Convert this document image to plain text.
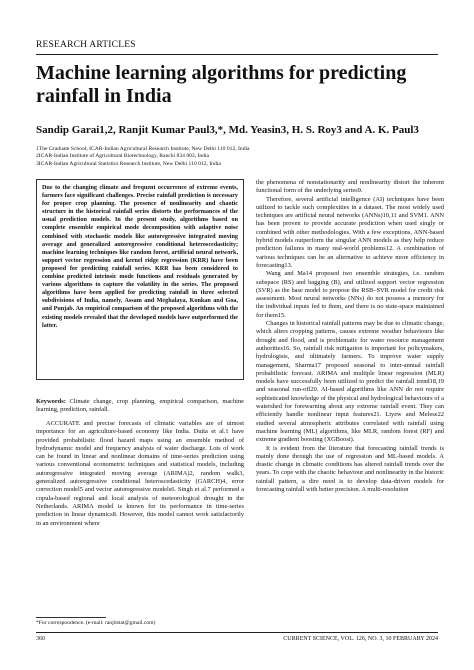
RESEARCH ARTICLES
Machine learning algorithms for predicting rainfall in India
Sandip Garai1,2, Ranjit Kumar Paul3,*, Md. Yeasin3, H. S. Roy3 and A. K. Paul3
1The Graduate School, ICAR-Indian Agricultural Research Institute, New Delhi 110 012, India
2ICAR-Indian Institute of Agricultural Biotechnology, Ranchi 834 003, India
3ICAR-Indian Agricultural Statistics Research Institute, New Delhi 110 012, India

Due to the changing climate and frequent occurrence of extreme events, farmers face significant challenges. Precise rainfall prediction is necessary for proper crop planning. The presence of nonlinearity and chaotic structure in the historical rainfall series distorts the performances of the usual prediction models. In the present study, algorithms based on complete ensemble empirical mode decomposition with adaptive noise combined with stochastic models like autoregressive integrated moving average and generalized autoregressive conditional heteroscedasticity; machine learning techniques like random forest, artificial neural network, support vector regression and kernel ridge regression (KRR) have been proposed for predicting rainfall series. KRR has been considered to combine predicted intrinsic mode functions and residuals generated by various algorithms to capture the volatility in the series. The proposed algorithms have been applied for predicting rainfall in three selected subdivisions of India, namely, Assam and Meghalaya, Konkan and Goa, and Punjab. An empirical comparison of the proposed algorithms with the existing models revealed that the developed models have outperformed the latter.

Keywords: Climate change, crop planning, empirical comparison, machine learning, prediction, rainfall.

ACCURATE and precise forecasts of climatic variables are of utmost importance for an agriculture-based economy like India. Dutta et al.1 have provided probabilistic flood hazard maps using an ensemble method of hydrodynamic model and frequency analysis of water discharge. Lots of work can be found in linear and nonlinear domains of time-series prediction using various conventional econometric techniques and statistical models, including autoregressive integrated moving average (ARIMA)2, random walk3, generalized autoregressive conditional heteroscedasticity (GARCH)4, error correction model5 and vector autoregressive models6. Singh et al.7 performed a copula-based regional and local analysis of meteorological drought in the Netherlands. ARIMA model is known for its performance in time-series prediction in linear dynamics8. However, this model cannot work satisfactorily in an environment where

the phenomena of nonstationarity and nonlinearity distort the inherent functional form of the underlying series9.

Therefore, several artificial intelligence (AI) techniques have been utilized to tackle such complexities in a dataset. The most widely used techniques are artificial neural networks (ANNs)10,11 and SVM1. ANN has been proven to provide accurate prediction when used singly or combined with other methodologies. With a few exceptions, ANN-based hybrid models outperform the singular ANN models as they help reduce prediction failures in many real-world problems12. A combination of various techniques can be an alternative to achieve more efficiency in forecasting13.

Wang and Ma14 proposed two ensemble strategies, i.e. random subspace (RS) and bagging (B), and utilized support vector regression (SVR) as the base model to propose the RSB–SVR model for credit risk assessment. Most neural networks (NNs) do not possess a memory for the individual inputs fed to them, and there is no state-space maintained for them15.

Changes in historical rainfall patterns may be due to climatic change, which alters cropping patterns, causes extreme weather behaviours like drought and flood, and is problematic for water resource management authorities16. So, rainfall risk mitigation is important for policymakers, hydrologists, and ultimately farmers. To improve water supply management, Sharma17 proposed seasonal to inter-annual rainfall probabilistic forecast. ARIMA and multiple linear regression (MLR) models have successfully been utilized to predict the rainfall trend18,19 and seasonal run-off20. AI-based algorithms like ANN do not require sophisticated knowledge of the physical and hydrological behaviours of a watershed for forewarning about any extreme rainfall event. They can efficiently handle nonlinear input features21. Liyew and Melese22 studied several atmospheric attributes correlated with rainfall using machine learning (ML) algorithms, like MLR, random forest (RF) and extreme gradient boosting (XGBoost).

It is evident from the literature that forecasting rainfall trends is mainly done through the use of regression and ML-based models. A drastic change in climatic conditions has altered rainfall trends over the years. To cope with the chaotic behaviour and nonlinearity in the historic rainfall pattern, a dire need is to develop data-driven models for forecasting rainfall with better precision. A multi-resolution

*For correspondence. (e-mail: ranjitstat@gmail.com)
360	CURRENT SCIENCE, VOL. 126, NO. 3, 10 FEBRUARY 2024
